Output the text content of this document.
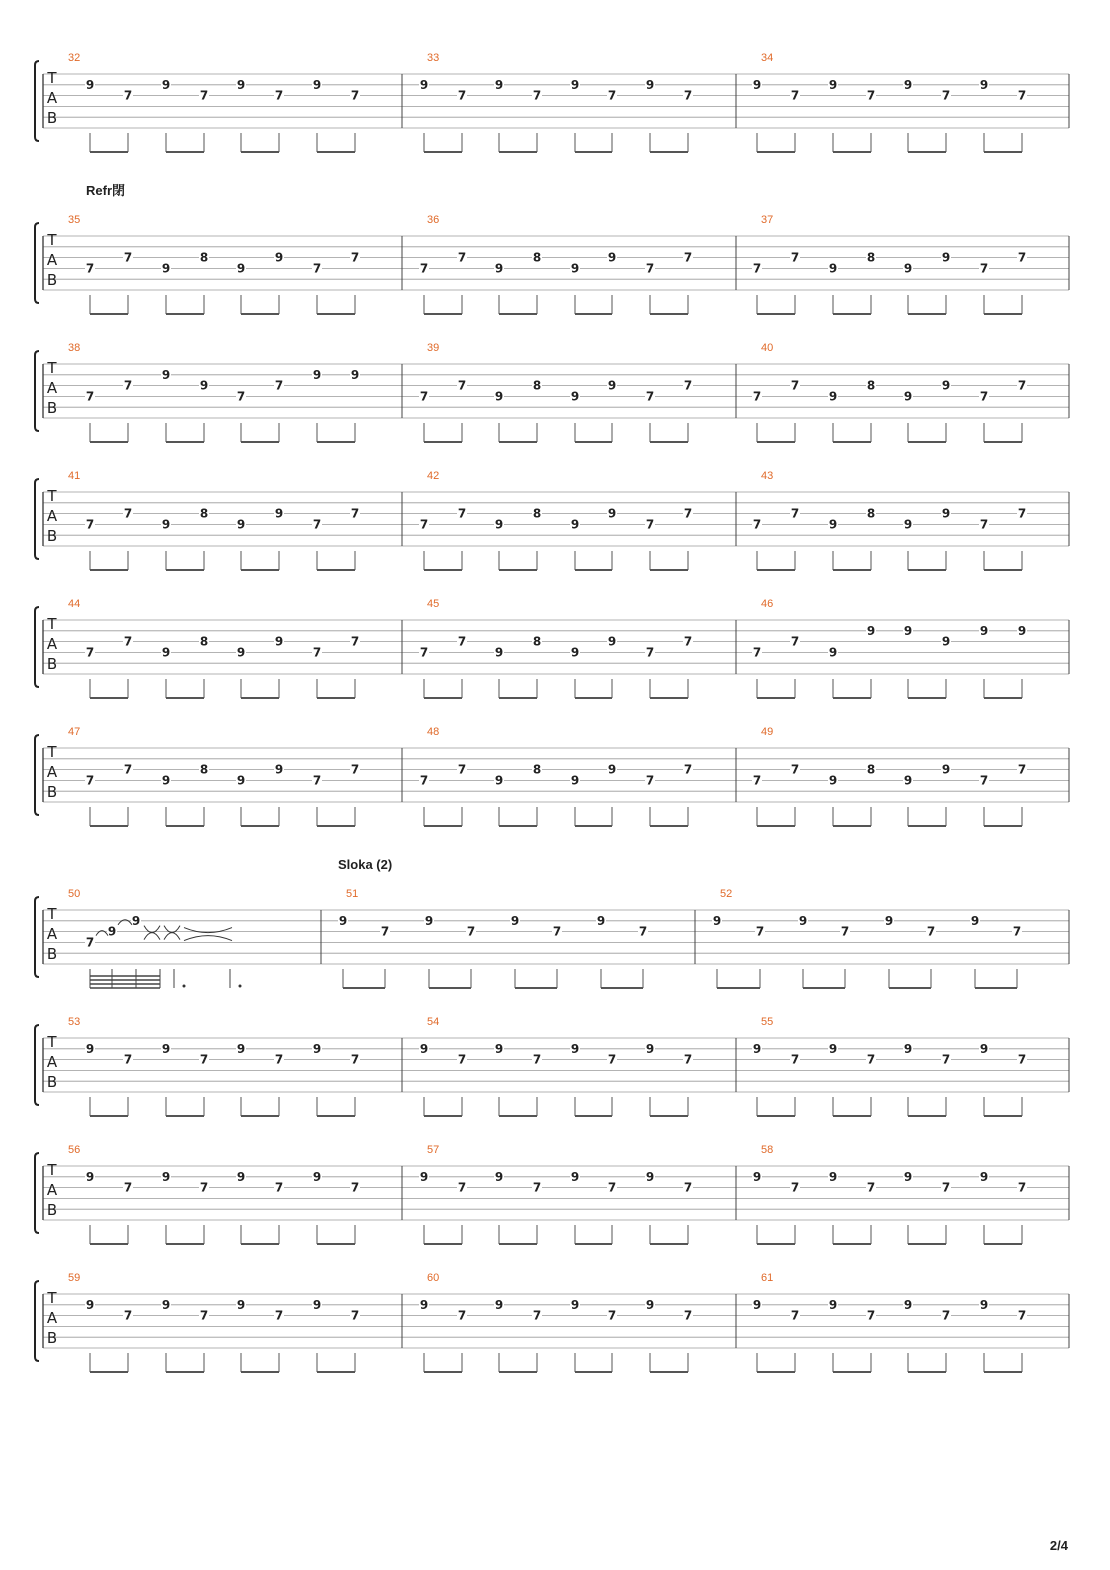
T
A
B
32
9
7
9
7
9
7
9
7
33
9
7
9
7
9
7
9
7
34
9
7
9
7
9
7
9
7
T
A
B
Refr閉
35
7
7
9
8
9
9
7
7
36
7
7
9
8
9
9
7
7
37
7
7
9
8
9
9
7
7
T
A
B
38
7
7
9
9
7
7
9 9
39
7
7
9
8
9
9
7
7
40
7
7
9
8
9
9
7
7
T
A
B
41
7
7
9
8
9
9
7
7
42
7
7
9
8
9
9
7
7
43
7
7
9
8
9
9
7
7
T
A
B
44
7
7
9
8
9
9
7
7
45
7
7
9
8
9
9
7
7
46
7
7
9
9 9
9
9 9
T
A
B
47
7
7
9
8
9
9
7
7
48
7
7
9
8
9
9
7
7
49
7
7
9
8
9
9
7
7
T
A
B
Sloka (2)
50
7
9
9
51
9
7
9
7
9
7
9
7
52
9
7
9
7
9
7
9
7
T
A
B
53
9
7
9
7
9
7
9
7
54
9
7
9
7
9
7
9
7
55
9
7
9
7
9
7
9
7
T
A
B
56
9
7
9
7
9
7
9
7
57
9
7
9
7
9
7
9
7
58
9
7
9
7
9
7
9
7
T
A
B
59
9
7
9
7
9
7
9
7
60
9
7
9
7
9
7
9
7
61
9
7
9
7
9
7
9
7
2/4
